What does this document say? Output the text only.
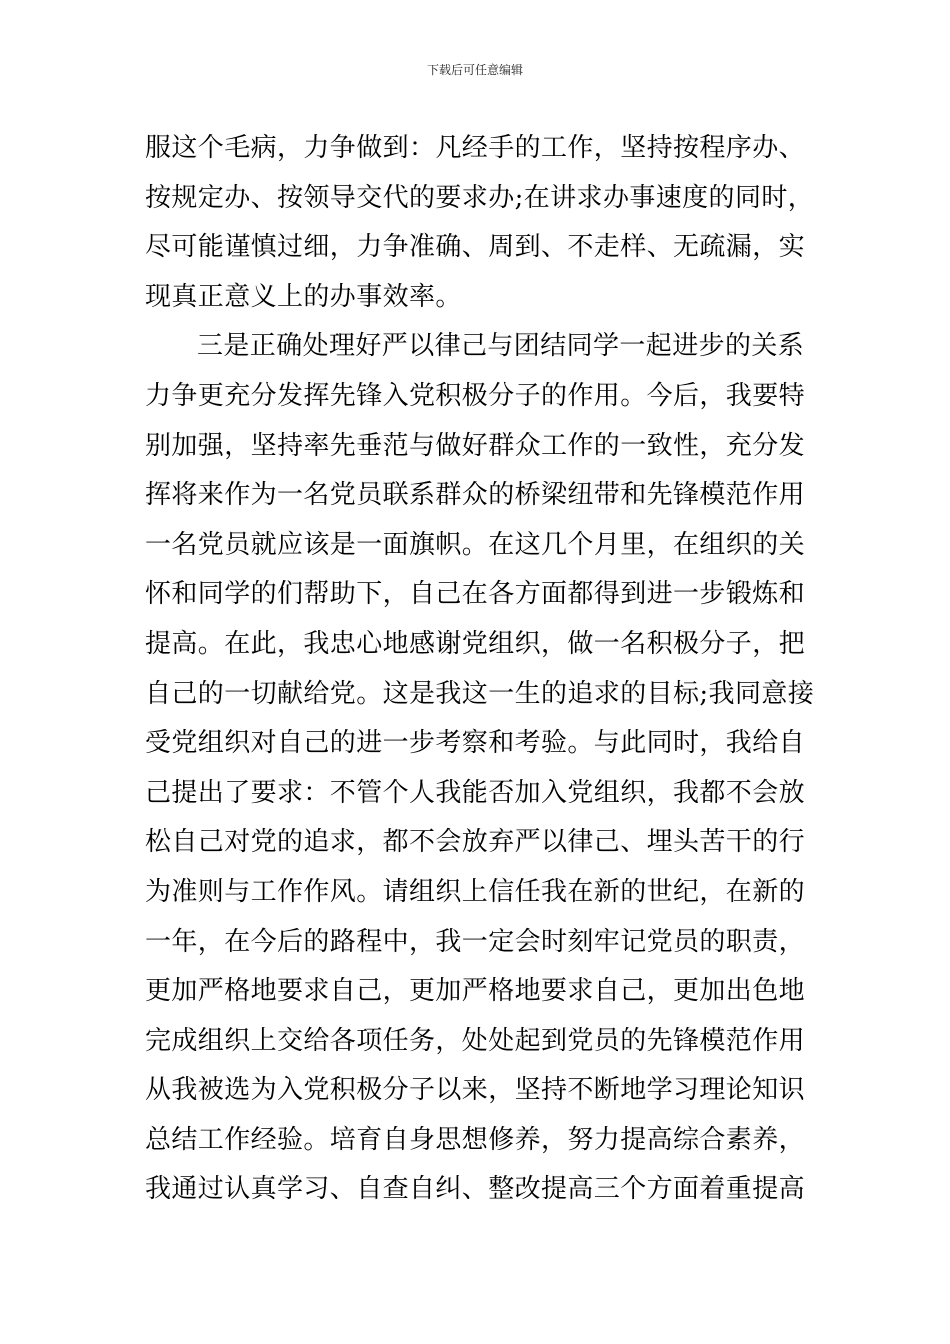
下载后可任意编辑
服这个毛病，力争做到：凡经手的工作，坚持按程序办、
按规定办、按领导交代的要求办;在讲求办事速度的同时，
尽可能谨慎过细，力争准确、周到、不走样、无疏漏，实
现真正意义上的办事效率。
三是正确处理好严以律己与团结同学一起进步的关系
力争更充分发挥先锋入党积极分子的作用。今后，我要特
别加强，坚持率先垂范与做好群众工作的一致性，充分发
挥将来作为一名党员联系群众的桥梁纽带和先锋模范作用
一名党员就应该是一面旗帜。在这几个月里，在组织的关
怀和同学的们帮助下，自己在各方面都得到进一步锻炼和
提高。在此，我忠心地感谢党组织，做一名积极分子，把
自己的一切献给党。这是我这一生的追求的目标;我同意接
受党组织对自己的进一步考察和考验。与此同时，我给自
己提出了要求：不管个人我能否加入党组织，我都不会放
松自己对党的追求，都不会放弃严以律己、埋头苦干的行
为准则与工作作风。请组织上信任我在新的世纪，在新的
一年，在今后的路程中，我一定会时刻牢记党员的职责，
更加严格地要求自己，更加严格地要求自己，更加出色地
完成组织上交给各项任务，处处起到党员的先锋模范作用
从我被选为入党积极分子以来，坚持不断地学习理论知识
总结工作经验。培育自身思想修养，努力提高综合素养，
我通过认真学习、自查自纠、整改提高三个方面着重提高
